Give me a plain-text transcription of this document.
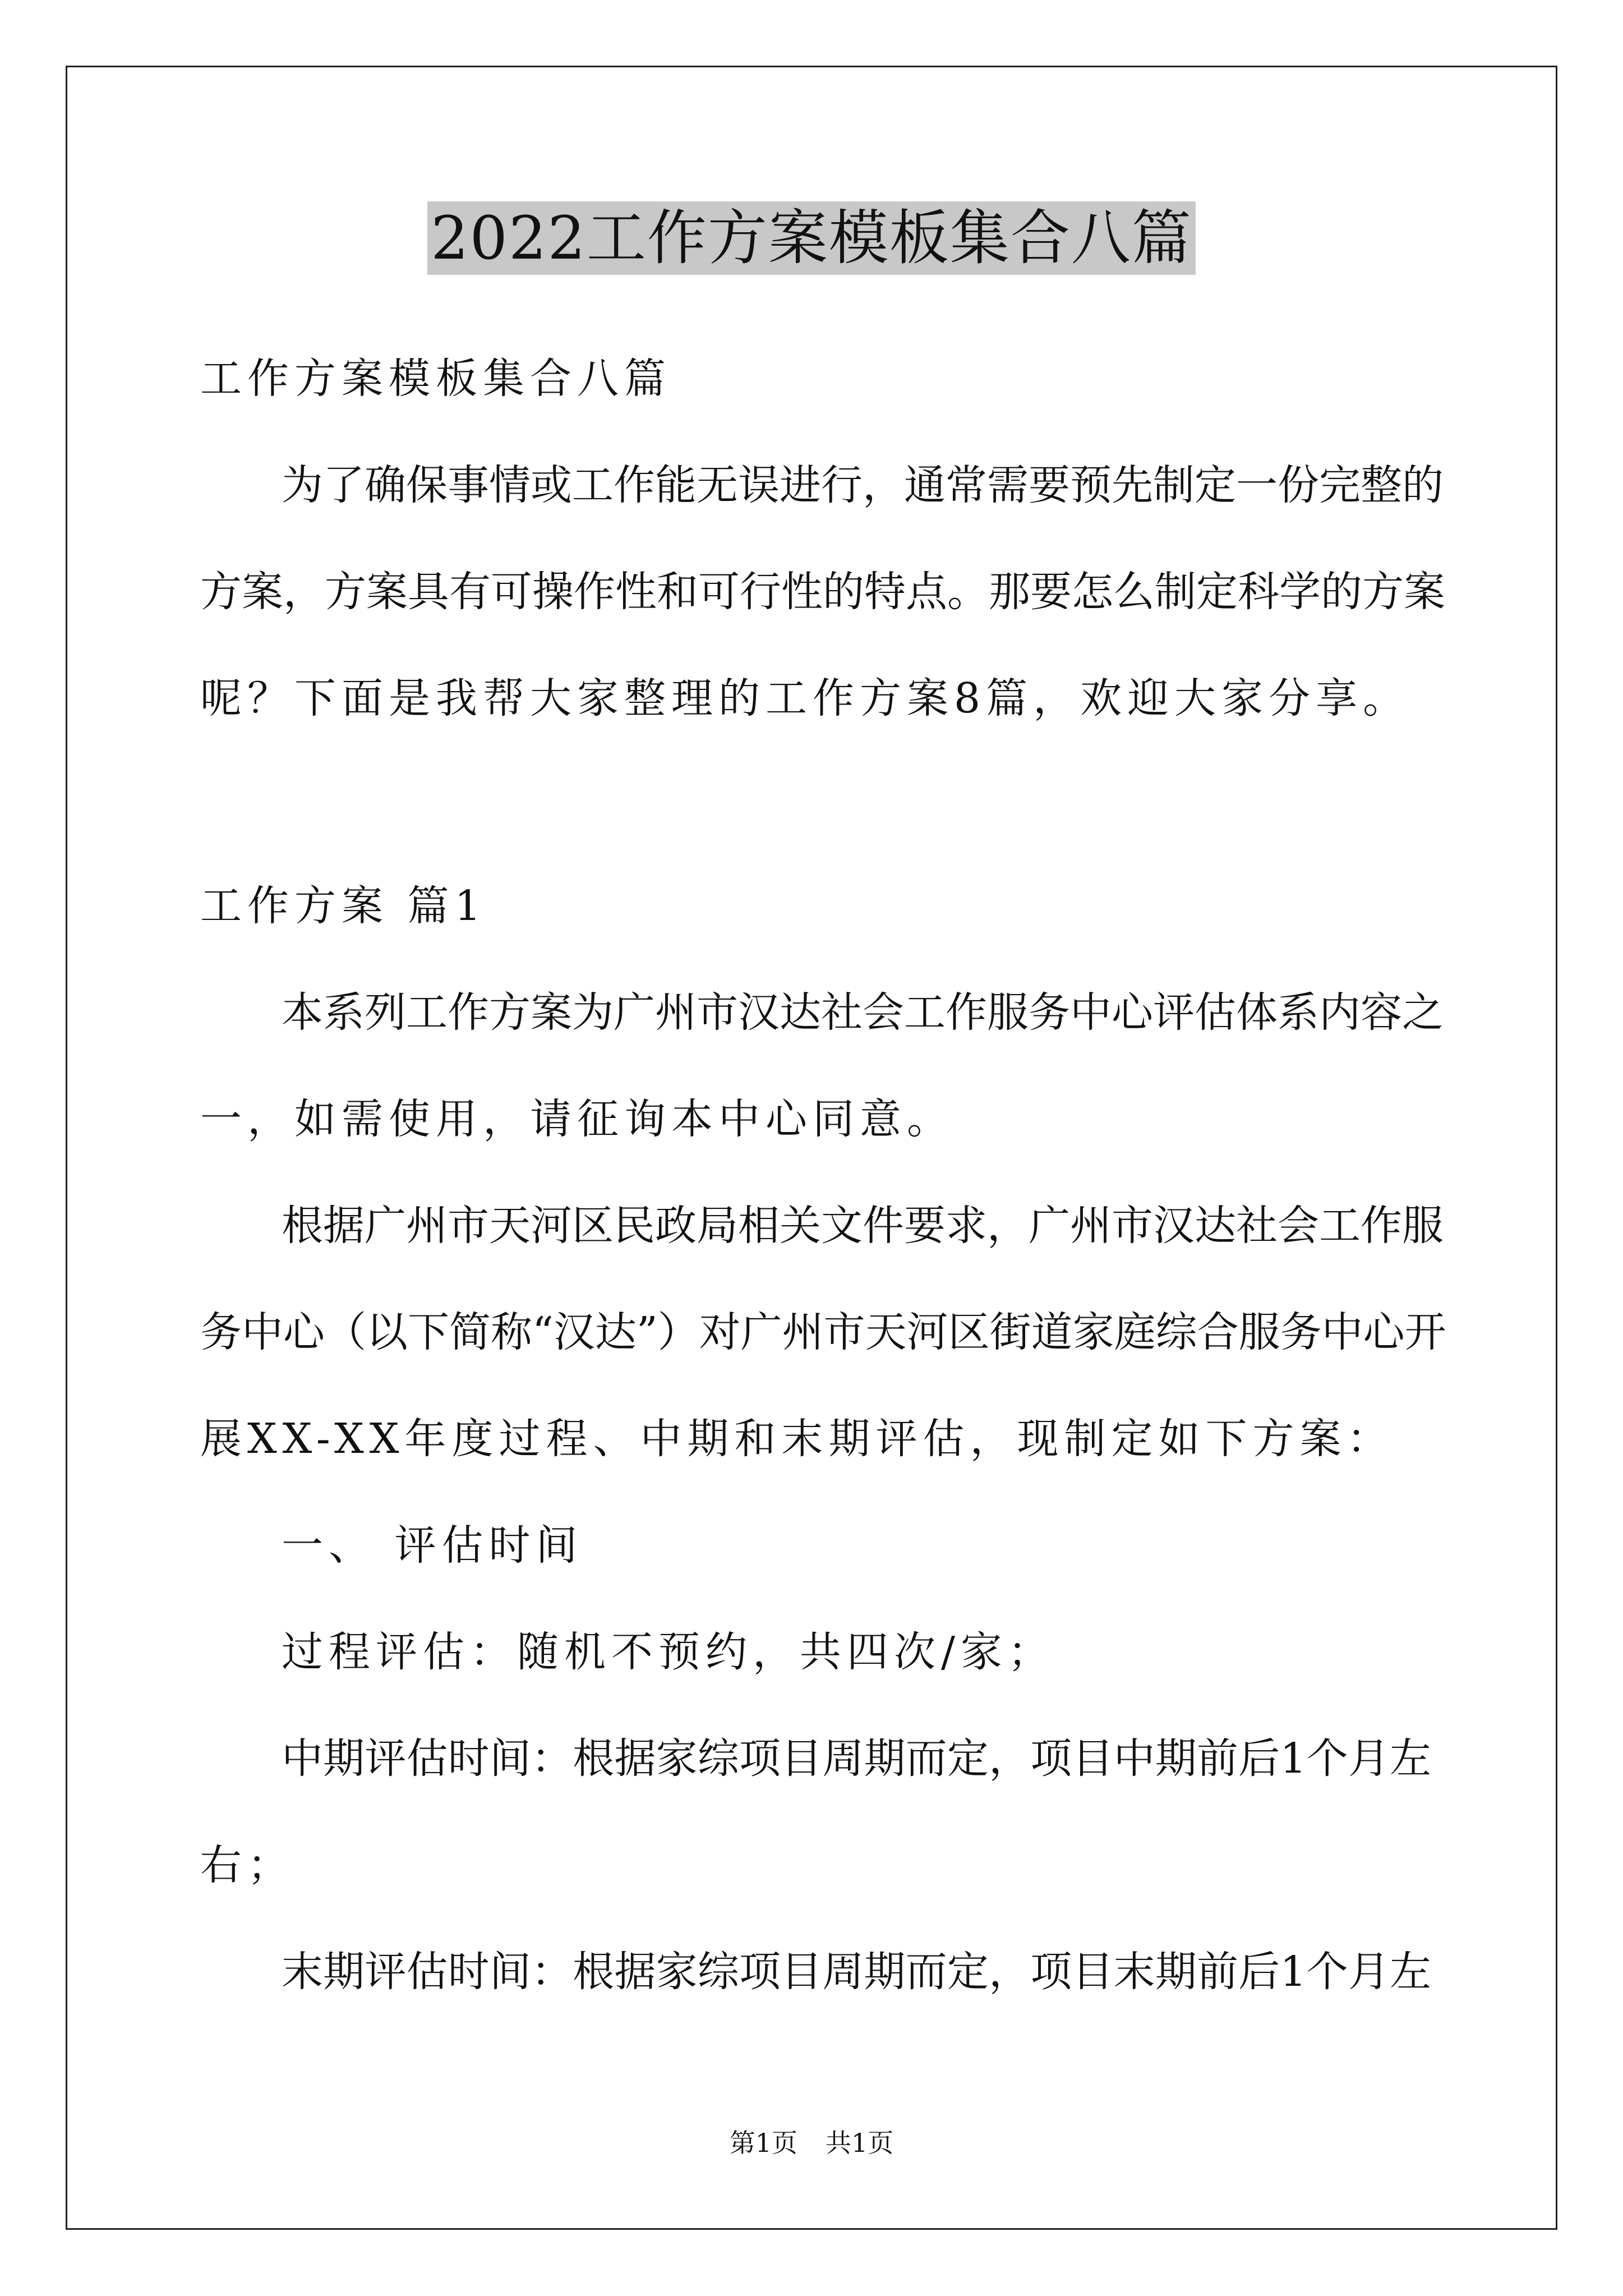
2022工作方案模板集合八篇
工作方案模板集合八篇
为了确保事情或工作能无误进行，通常需要预先制定一份完整的
方案，方案具有可操作性和可行性的特点。那要怎么制定科学的方案
呢？下面是我帮大家整理的工作方案8篇，欢迎大家分享。
工作方案 篇1
本系列工作方案为广州市汉达社会工作服务中心评估体系内容之
一，如需使用，请征询本中心同意。
根据广州市天河区民政局相关文件要求，广州市汉达社会工作服
务中心（以下简称“汉达”）对广州市天河区街道家庭综合服务中心开
展XX-XX年度过程、中期和末期评估，现制定如下方案：
一、 评估时间
过程评估：随机不预约，共四次/家；
中期评估时间：根据家综项目周期而定，项目中期前后1个月左
右；
末期评估时间：根据家综项目周期而定，项目末期前后1个月左
第1页 共1页
